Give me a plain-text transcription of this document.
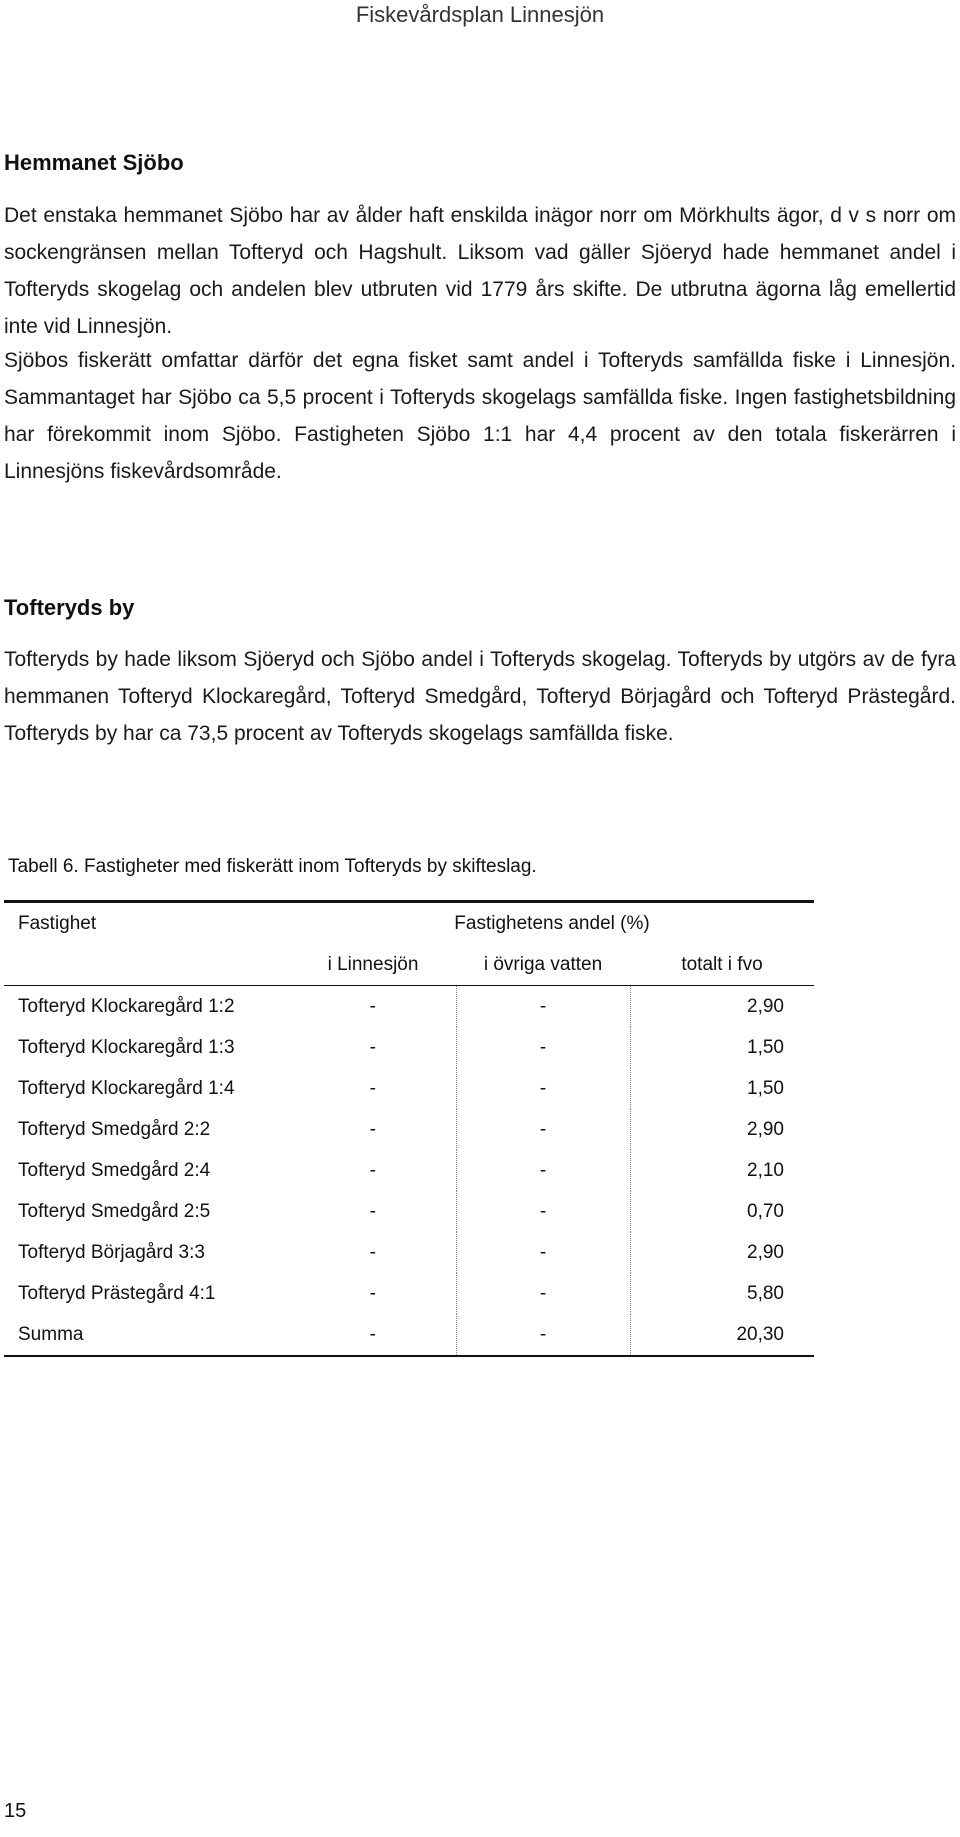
Fiskevårdsplan Linnesjön
Hemmanet Sjöbo

Det enstaka hemmanet Sjöbo har av ålder haft enskilda inägor norr om Mörkhults ägor, d v s norr om sockengränsen mellan Tofteryd och Hagshult. Liksom vad gäller Sjöeryd hade hemmanet andel i Tofteryds skogelag och andelen blev utbruten vid 1779 års skifte. De utbrutna ägorna låg emellertid inte vid Linnesjön.

Sjöbos fiskerätt omfattar därför det egna fisket samt andel i Tofteryds samfällda fiske i Linnesjön. Sammantaget har Sjöbo ca 5,5 procent i Tofteryds skogelags samfällda fiske. Ingen fastighetsbildning har förekommit inom Sjöbo. Fastigheten Sjöbo 1:1 har 4,4 procent av den totala fiskerärren i Linnesjöns fiskevårdsområde.

Tofteryds by

Tofteryds by hade liksom Sjöeryd och Sjöbo andel i Tofteryds skogelag. Tofteryds by utgörs av de fyra hemmanen Tofteryd Klockaregård, Tofteryd Smedgård, Tofteryd Börjagård och Tofteryd Prästegård. Tofteryds by har ca 73,5 procent av Tofteryds skogelags samfällda fiske.

Tabell 6. Fastigheter med fiskerätt inom Tofteryds by skifteslag.
Fastighet	Fastighetens andel (%)		
	i Linnesjön	i övriga vatten	totalt i fvo
Tofteryd Klockaregård 1:2	-	-	2,90
Tofteryd Klockaregård 1:3	-	-	1,50
Tofteryd Klockaregård 1:4	-	-	1,50
Tofteryd Smedgård 2:2	-	-	2,90
Tofteryd Smedgård 2:4	-	-	2,10
Tofteryd Smedgård 2:5	-	-	0,70
Tofteryd Börjagård 3:3	-	-	2,90
Tofteryd Prästegård 4:1	-	-	5,80
Summa	-	-	20,30
15
